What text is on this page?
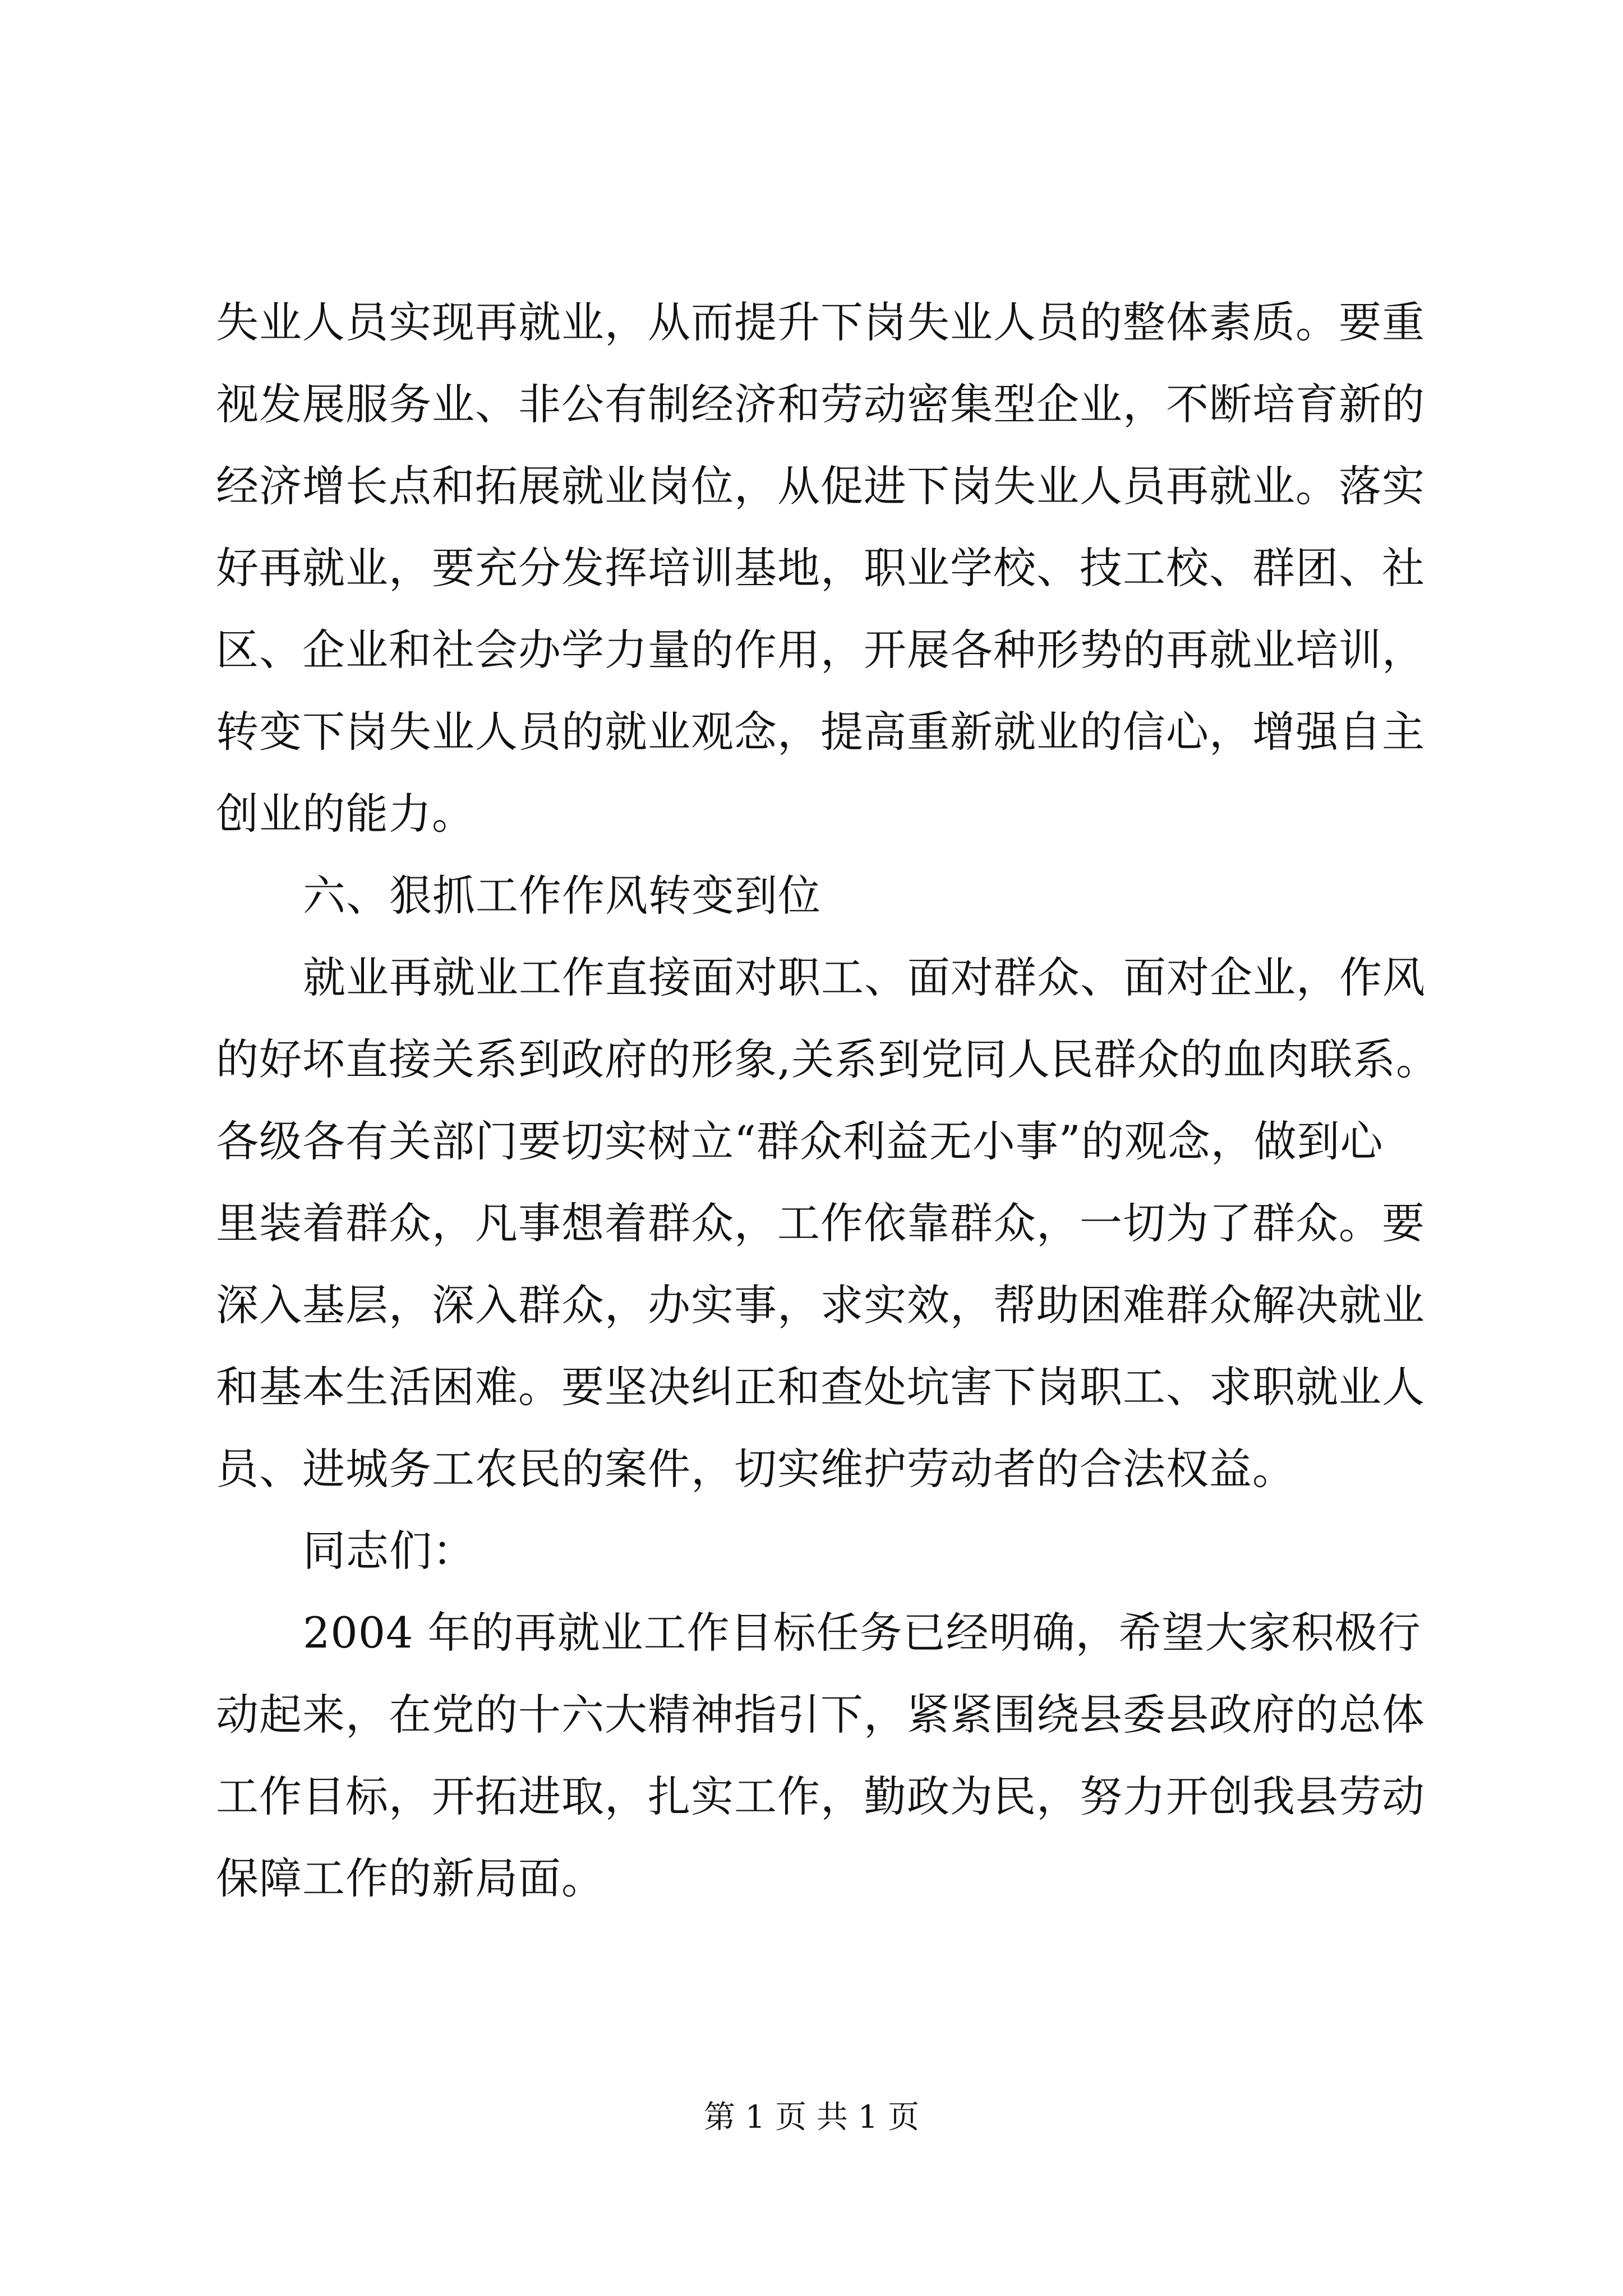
失业人员实现再就业，从而提升下岗失业人员的整体素质。要重

视发展服务业、非公有制经济和劳动密集型企业，不断培育新的

经济增长点和拓展就业岗位，从促进下岗失业人员再就业。落实

好再就业，要充分发挥培训基地，职业学校、技工校、群团、社

区、企业和社会办学力量的作用，开展各种形势的再就业培训，

转变下岗失业人员的就业观念，提高重新就业的信心，增强自主

创业的能力。

六、狠抓工作作风转变到位

就业再就业工作直接面对职工、面对群众、面对企业，作风

的好坏直接关系到政府的形象,关系到党同人民群众的血肉联系。

各级各有关部门要切实树立“群众利益无小事”的观念，做到心

里装着群众，凡事想着群众，工作依靠群众，一切为了群众。要

深入基层，深入群众，办实事，求实效，帮助困难群众解决就业

和基本生活困难。要坚决纠正和查处坑害下岗职工、求职就业人

员、进城务工农民的案件，切实维护劳动者的合法权益。

同志们：

2004 年的再就业工作目标任务已经明确，希望大家积极行

动起来，在党的十六大精神指引下，紧紧围绕县委县政府的总体

工作目标，开拓进取，扎实工作，勤政为民，努力开创我县劳动

保障工作的新局面。

第 1 页 共 1 页
